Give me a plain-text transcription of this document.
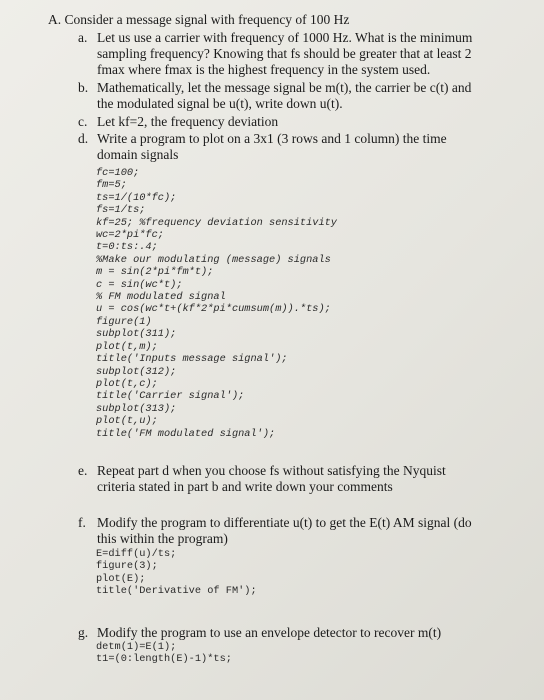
A. Consider a message signal with frequency of 100 Hz
a. Let us use a carrier with frequency of 1000 Hz. What is the minimum
sampling frequency? Knowing that fs should be greater that at least 2
fmax where fmax is the highest frequency in the system used.
b. Mathematically, let the message signal be m(t), the carrier be c(t) and
the modulated signal be u(t), write down u(t).
c. Let kf=2, the frequency deviation
d. Write a program to plot on a 3x1 (3 rows and 1 column) the time
domain signals
fc=100;
fm=5;
ts=1/(10*fc);
fs=1/ts;
kf=25; %frequency deviation sensitivity
wc=2*pi*fc;
t=0:ts:.4;
%Make our modulating (message) signals
m = sin(2*pi*fm*t);
c = sin(wc*t);
% FM modulated signal
u = cos(wc*t+(kf*2*pi*cumsum(m)).*ts);
figure(1)
subplot(311);
plot(t,m);
title('Inputs message signal');
subplot(312);
plot(t,c);
title('Carrier signal');
subplot(313);
plot(t,u);
title('FM modulated signal');
e. Repeat part d when you choose fs without satisfying the Nyquist
criteria stated in part b and write down your comments
f. Modify the program to differentiate u(t) to get the E(t) AM signal (do
this within the program)
E=diff(u)/ts;
figure(3);
plot(E);
title('Derivative of FM');
g. Modify the program to use an envelope detector to recover m(t)
detm(1)=E(1);
t1=(0:length(E)-1)*ts;
